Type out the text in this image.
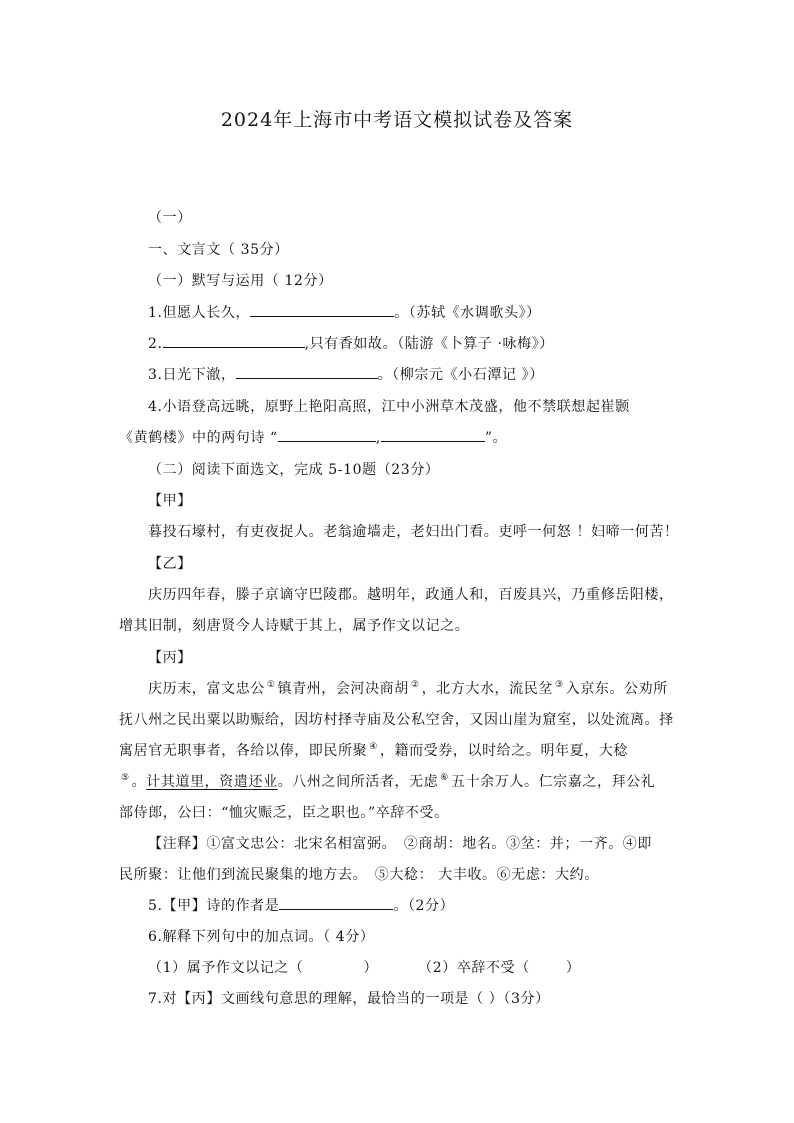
2024年上海市中考语文模拟试卷及答案
（一）
一、文言文（ 35分）
（一）默写与运用（ 12分）
1.但愿人长久，	。（苏轼《水调歌头》）
2.	,只有香如故。（陆游《卜算子 ·咏梅》）
3.日光下澈，	。（柳宗元《小石潭记 》）
4.小语登高远眺，原野上艳阳高照，江中小洲草木茂盛，他不禁联想起崔颢
《黄鹤楼》中的两句诗 “	,	”。
（二）阅读下面选文，完成 5-10题（23分）
【甲】
暮投石壕村，有吏夜捉人。老翁逾墙走，老妇出门看。吏呼一何怒 ！妇啼一何苦！
【乙】
庆历四年春，滕子京谪守巴陵郡。越明年，政通人和，百废具兴，乃重修岳阳楼，
增其旧制，刻唐贤今人诗赋于其上，属予作文以记之。
【丙】
庆历末，富文忠公 ① 镇青州，会河决商胡 ② ，北方大水，流民坌 ③ 入京东。公劝所
抚八州之民出粟以助赈给，因坊村择寺庙及公私空舍，又因山崖为窟室，以处流离。择
寓居官无职事者，各给以俸，即民所聚 ④ ，籍而受券，以时给之。明年夏，大稔
⑤ 。计其道里，资遣还业。八州之间所活者，无虑 ⑥ 五十余万人。仁宗嘉之，拜公礼
部侍郎，公曰：“恤灾赈乏，臣之职也。”卒辞不受。
【注释】①富文忠公：北宋名相富弼。　②商胡：地名。③坌：并；一齐。④即
民所聚：让他们到流民聚集的地方去。　⑤大稔： 大丰收。⑥无虑：大约。
5.【甲】诗的作者是	。（2分）
6.解释下列句中的加点词。（ 4分）
（1）属予作文以记之（	）	（2）卒辞不受（	）
7.对【丙】文画线句意思的理解，最恰当的一项是（ ）（3分）
